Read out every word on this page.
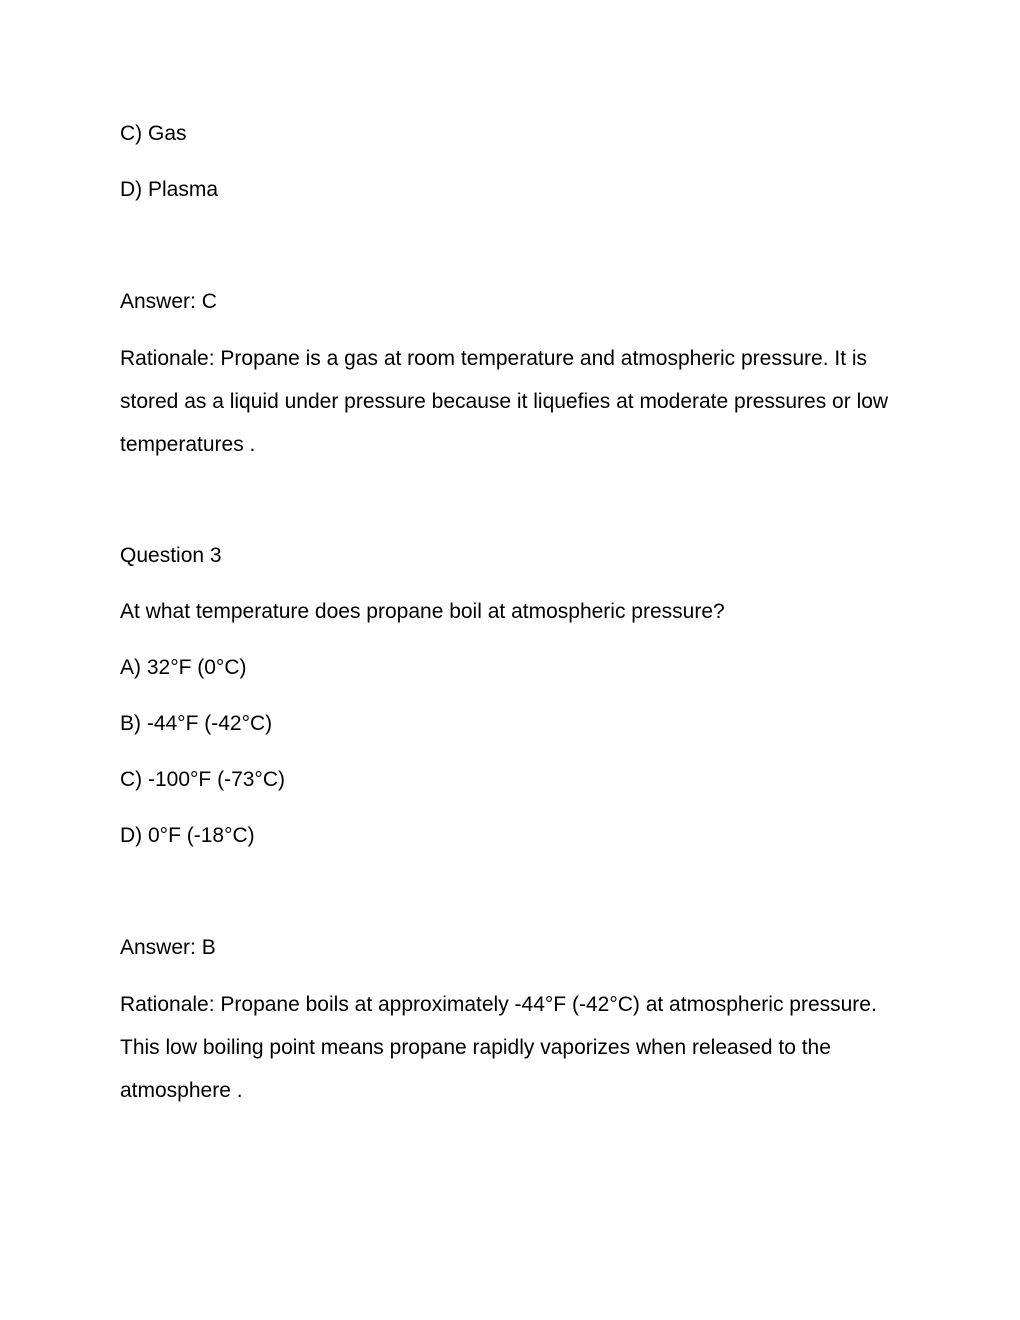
C) Gas

D) Plasma

Answer: C

Rationale: Propane is a gas at room temperature and atmospheric pressure. It is stored as a liquid under pressure because it liquefies at moderate pressures or low temperatures .

Question 3

At what temperature does propane boil at atmospheric pressure?

A) 32°F (0°C)

B) -44°F (-42°C)

C) -100°F (-73°C)

D) 0°F (-18°C)

Answer: B

Rationale: Propane boils at approximately -44°F (-42°C) at atmospheric pressure. This low boiling point means propane rapidly vaporizes when released to the atmosphere .
